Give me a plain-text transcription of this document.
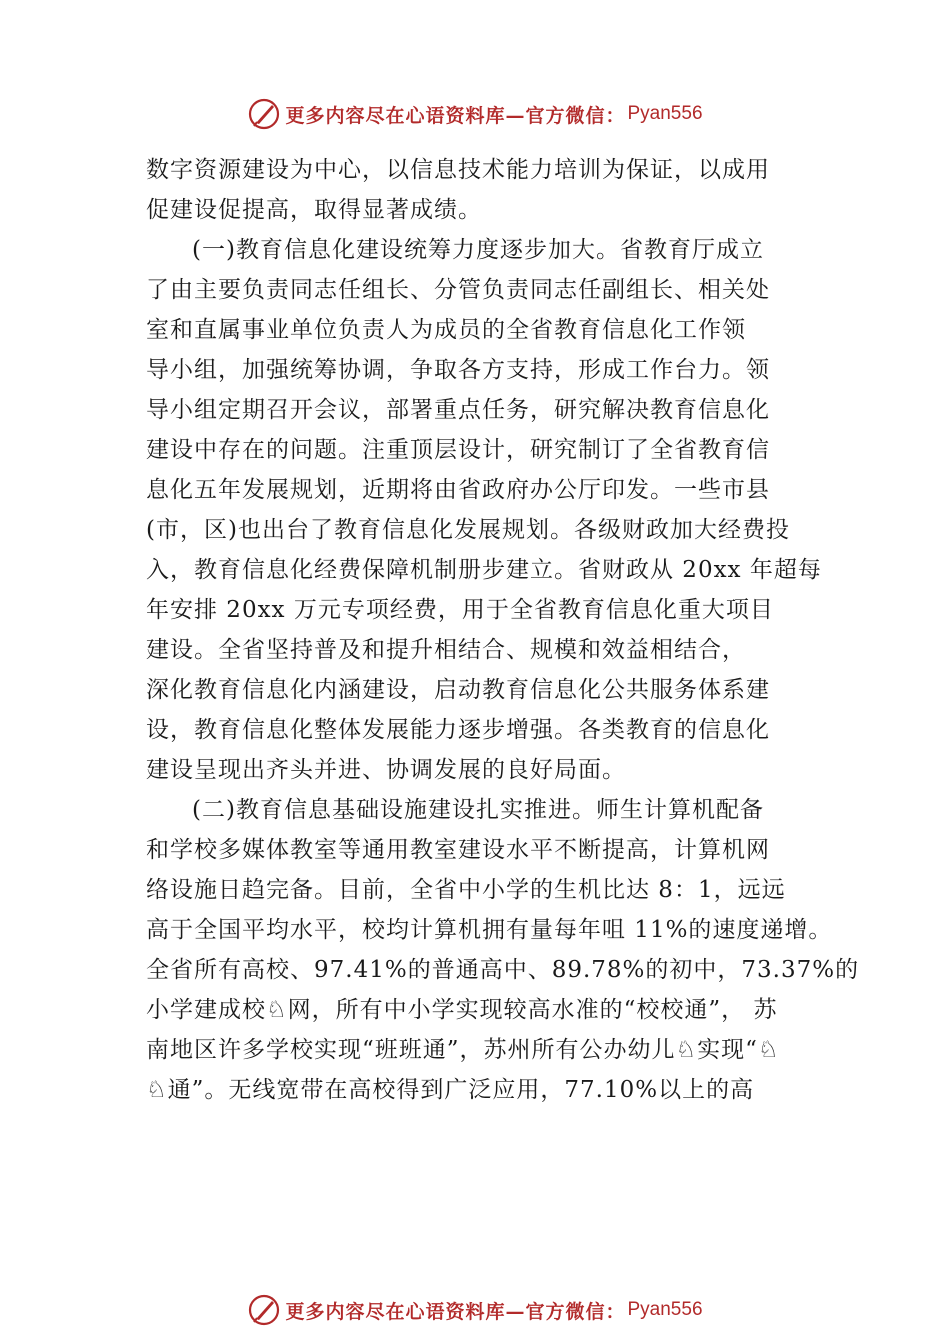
更多内容尽在心语资料库—官方微信： Pyan556
数字资源建设为中心，以信息技术能力培训为保证，以成用
促建设促提高，取得显著成绩。
(一)教育信息化建设统筹力度逐步加大。省教育厅成立
了由主要负责同志任组长、分管负责同志任副组长、相关处
室和直属事业单位负责人为成员的全省教育信息化工作领
导小组，加强统筹协调，争取各方支持，形成工作台力。领
导小组定期召开会议，部署重点任务，研究解决教育信息化
建设中存在的问题。注重顶层设计，研究制订了全省教育信
息化五年发展规划，近期将由省政府办公厅印发。一些市县
(市，区)也出台了教育信息化发展规划。各级财政加大经费投
入，教育信息化经费保障机制册步建立。省财政从 20xx 年超每
年安排 20xx 万元专项经费，用于全省教育信息化重大项目
建设。全省坚持普及和提升相结合、规模和效益相结合，
深化教育信息化内涵建设，启动教育信息化公共服务体系建
设，教育信息化整体发展能力逐步增强。各类教育的信息化
建设呈现出齐头并进、协调发展的良好局面。
(二)教育信息基础设施建设扎实推进。师生计算机配备
和学校多媒体教室等通用教室建设水平不断提高，计算机网
络设施日趋完备。目前，全省中小学的生机比达 8：1，远远
高于全国平均水平，校均计算机拥有量每年咀 11%的速度递增。
全省所有高校、97.41%的普通高中、89.78%的初中，73.37%的
小学建成校♘网，所有中小学实现较高水准的“校校通”， 苏
南地区许多学校实现“班班通”，苏州所有公办幼儿♘实现“♘
♘通”。无线宽带在高校得到广泛应用，77.10%以上的高
更多内容尽在心语资料库—官方微信： Pyan556
